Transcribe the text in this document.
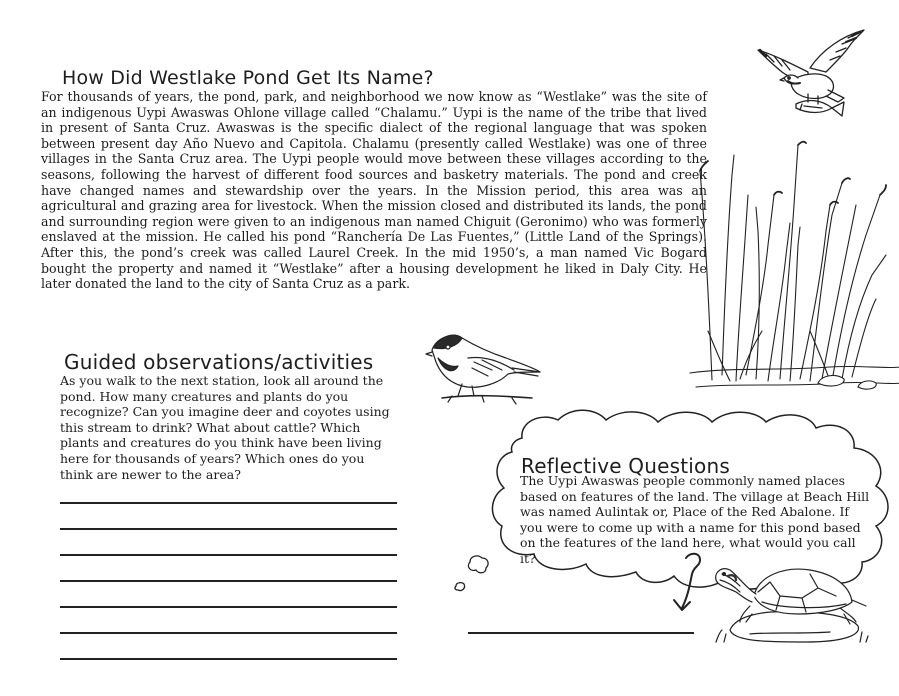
How Did Westlake Pond Get Its Name?

For thousands of years, the pond, park, and neighborhood we now know as “Westlake” was the site of an indigenous Uypi Awaswas Ohlone village called “Chalamu.” Uypi is the name of the tribe that lived in present of Santa Cruz. Awaswas is the specific dialect of the regional language that was spoken between present day Año Nuevo and Capitola. Chalamu (presently called Westlake) was one of three villages in the Santa Cruz area. The Uypi people would move between these villages according to the seasons, following the harvest of different food sources and basketry materials. The pond and creek have changed names and stewardship over the years. In the Mission period, this area was an agricultural and grazing area for livestock. When the mission closed and distributed its lands, the pond and surrounding region were given to an indigenous man named Chiguit (Geronimo) who was formerly enslaved at the mission. He called his pond “Ranchería De Las Fuentes,” (Little Land of the Springs). After this, the pond’s creek was called Laurel Creek. In the mid 1950’s, a man named Vic Bogard bought the property and named it “Westlake” after a housing development he liked in Daly City. He later donated the land to the city of Santa Cruz as a park.

Guided observations/activities

As you walk to the next station, look all around the pond. How many creatures and plants do you recognize? Can you imagine deer and coyotes using this stream to drink? What about cattle? Which plants and creatures do you think have been living here for thousands of years? Which ones do you think are newer to the area?	Reflective Questions

The Uypi Awaswas people commonly named places based on features of the land. The village at Beach Hill was named Aulintak or, Place of the Red Abalone. If you were to come up with a name for this pond based on the features of the land here, what would you call it?
